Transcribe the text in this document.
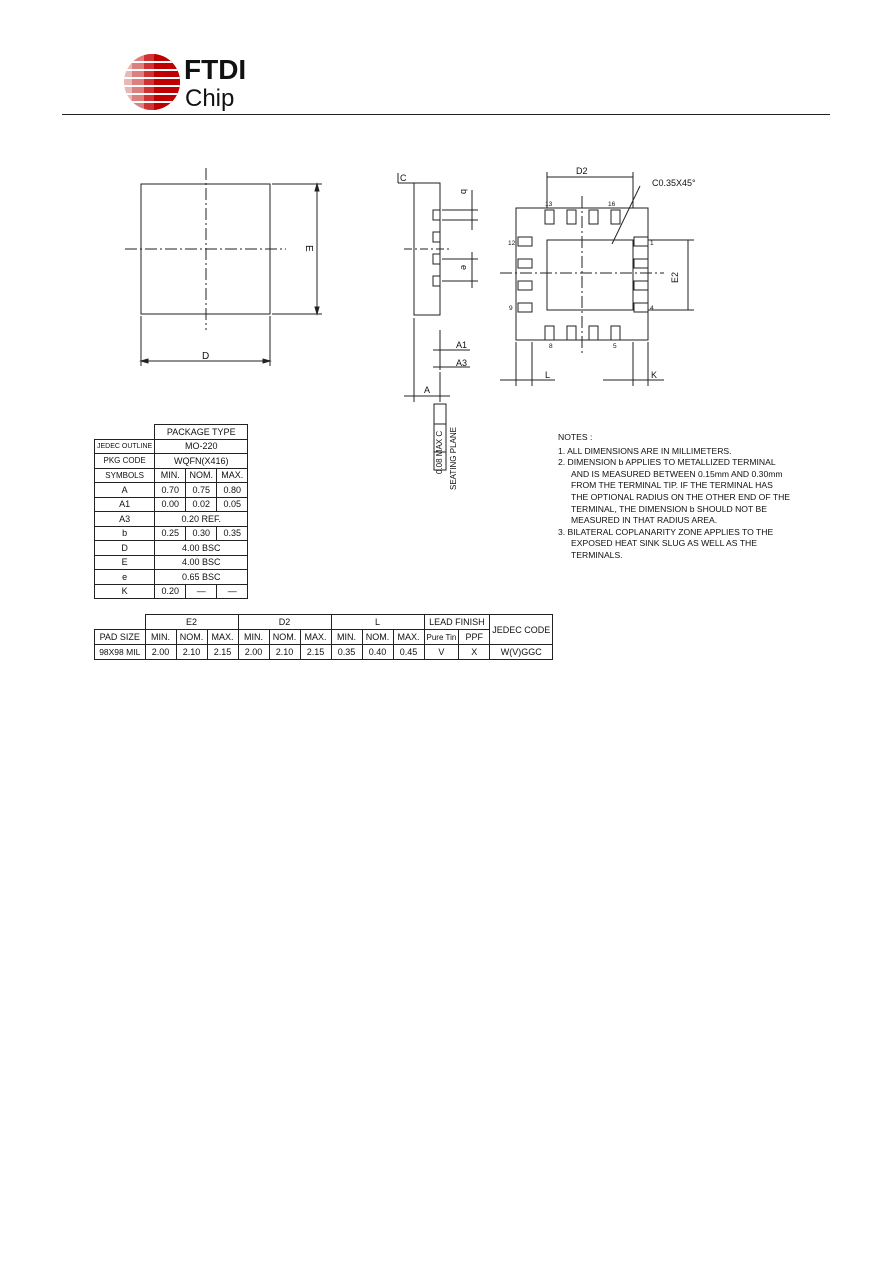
FTDI
Chip
D
E
C
b
e
A1
A3
A
0.08 MAX C SEATING PLANE
D2
E2
C0.35X45°
L	K
13	16
12	1
9	4
8	5
	PACKAGE TYPE		
JEDEC OUTLINE	MO-220		
PKG CODE	WQFN(X416)		
SYMBOLS	MIN.	NOM.	MAX.
A	0.70	0.75	0.80
A1	0.00	0.02	0.05
A3	0.20 REF.		
b	0.25	0.30	0.35
D	4.00 BSC		
E	4.00 BSC		
e	0.65 BSC		
K	0.20	—	—
	E2			D2			L			LEAD FINISH		JEDEC CODE
PAD SIZE	MIN.	NOM.	MAX.	MIN.	NOM.	MAX.	MIN.	NOM.	MAX.	Pure Tin	PPF	
98X98 MIL	2.00	2.10	2.15	2.00	2.10	2.15	0.35	0.40	0.45	V	X	W(V)GGC

NOTES :

1. ALL DIMENSIONS ARE IN MILLIMETERS.

2. DIMENSION b APPLIES TO METALLIZED TERMINAL

AND IS MEASURED BETWEEN 0.15mm AND 0.30mm

FROM THE TERMINAL TIP. IF THE TERMINAL HAS

THE OPTIONAL RADIUS ON THE OTHER END OF THE

TERMINAL, THE DIMENSION b SHOULD NOT BE

MEASURED IN THAT RADIUS AREA.

3. BILATERAL COPLANARITY ZONE APPLIES TO THE

EXPOSED HEAT SINK SLUG AS WELL AS THE

TERMINALS.
